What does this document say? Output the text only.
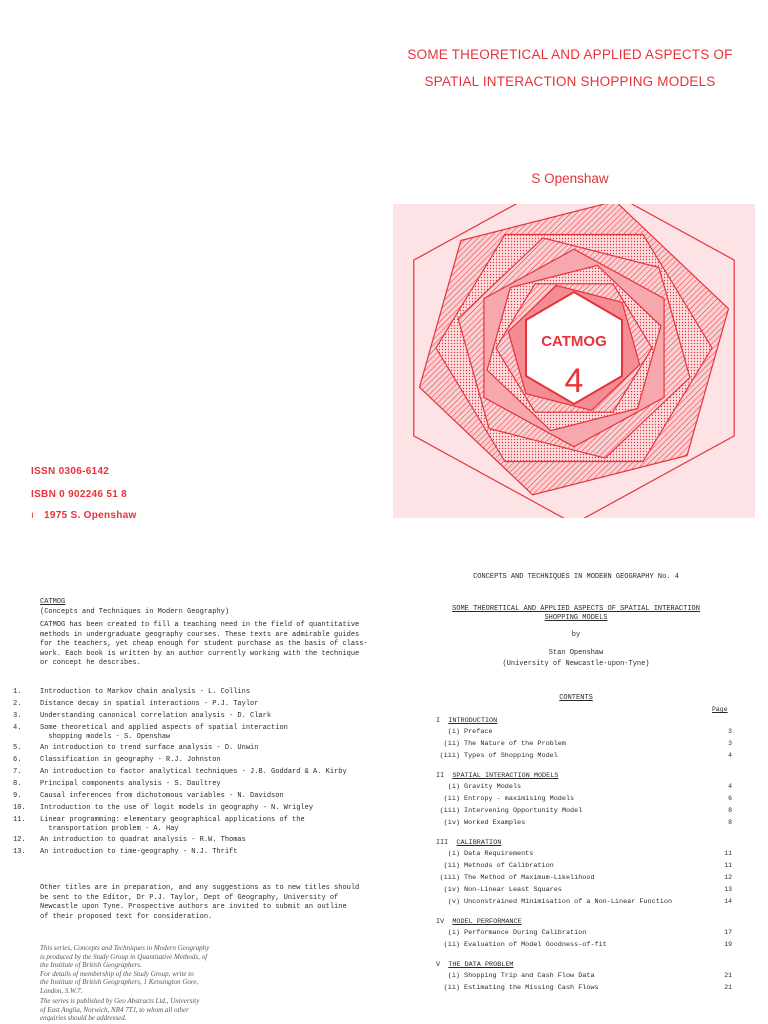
SOME THEORETICAL AND APPLIED ASPECTS OF
SPATIAL INTERACTION SHOPPING MODELS
S Openshaw
CATMOG
4
ISSN 0306-6142
ISBN 0 902246 51 8
ı 1975 S. Openshaw
CATMOG
(Concepts and Techniques in Modern Geography)
CATMOG has been created to fill a teaching need in the field of quantitative
methods in undergraduate geography courses. These texts are admirable guides
for the teachers, yet cheap enough for student purchase as the basis of class-
work. Each book is written by an author currently working with the technique
or concept he describes.
1.	Introduction to Markov chain analysis - L. Collins
2.	Distance decay in spatial interactions - P.J. Taylor
3.	Understanding canonical correlation analysis - D. Clark
4.	Some theoretical and applied aspects of spatial interaction
shopping models - S. Openshaw
5.	An introduction to trend surface analysis - D. Unwin
6.	Classification in geography - R.J. Johnston
7.	An introduction to factor analytical techniques - J.B. Goddard & A. Kirby
8.	Principal components analysis - S. Daultrey
9.	Causal inferences from dichotomous variables - N. Davidson
10.	Introduction to the use of logit models in geography - N. Wrigley
11.	Linear programming: elementary geographical applications of the
transportation problem - A. Hay
12.	An introduction to quadrat analysis - R.W. Thomas
13.	An introduction to time-geography - N.J. Thrift
Other titles are in preparation, and any suggestions as to new titles should
be sent to the Editor, Dr P.J. Taylor, Dept of Geography, University of
Newcastle upon Tyne. Prospective authors are invited to submit an outline
of their proposed text for consideration.
This series, Concepts and Techniques in Modern Geography
is produced by the Study Group in Quantitative Methods, of
the Institute of British Geographers.
For details of membership of the Study Group, write to
the Institute of British Geographers, 1 Kensington Gore,
London, S.W.7.
The series is published by Geo Abstracts Ltd., University
of East Anglia, Norwich, NR4 7TJ, to whom all other
enquiries should be addressed.
CONCEPTS AND TECHNIQUES IN MODERN GEOGRAPHY No. 4
SOME THEORETICAL AND APPLIED ASPECTS OF SPATIAL INTERACTION
SHOPPING MODELS
by
Stan Openshaw
(University of Newcastle-upon-Tyne)
CONTENTS
Page
I  INTRODUCTION
(i) Preface	3
(ii) The Nature of the Problem	3
(iii) Types of Shopping Model	4
II  SPATIAL INTERACTION MODELS
(i) Gravity Models	4
(ii) Entropy - maximising Models	6
(iii) Intervening Opportunity Model	8
(iv) Worked Examples	8
III  CALIBRATION
(i) Data Requirements	11
(ii) Methods of Calibration	11
(iii) The Method of Maximum-Likelihood	12
(iv) Non-Linear Least Squares	13
(v) Unconstrained Minimisation of a Non-Linear Function	14
IV  MODEL PERFORMANCE
(i) Performance During Calibration	17
(ii) Evaluation of Model Goodness-of-fit	19
V  THE DATA PROBLEM
(i) Shopping Trip and Cash Flow Data	21
(ii) Estimating the Missing Cash Flows	21
